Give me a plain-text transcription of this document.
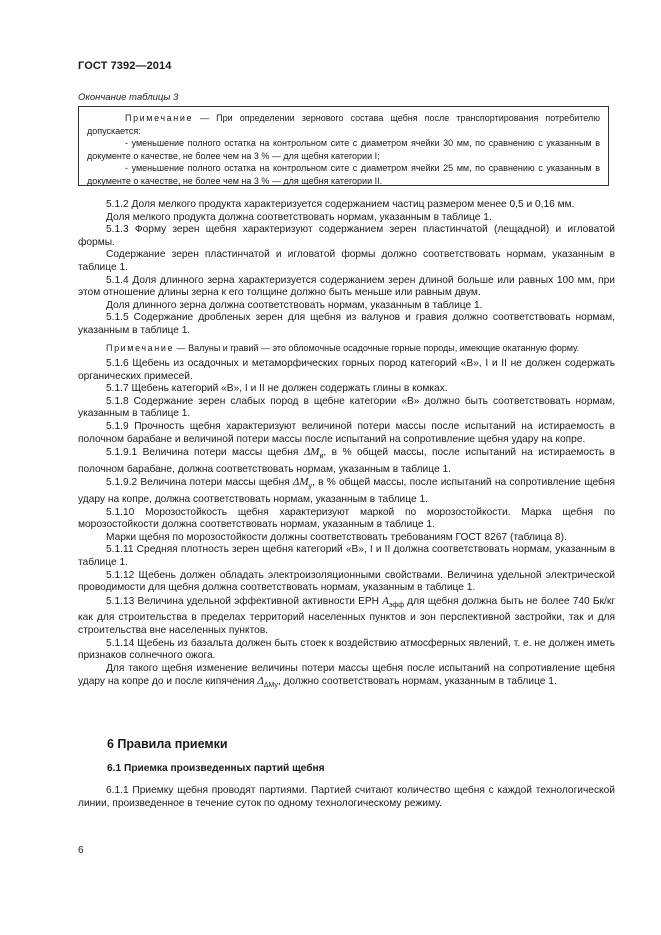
ГОСТ 7392—2014
Окончание таблицы 3

Примечание — При определении зернового состава щебня после транспортирования потребителю допускается:

- уменьшение полного остатка на контрольном сите с диаметром ячейки 30 мм, по сравнению с указанным в документе о качестве, не более чем на 3 % — для щебня категории I;

- уменьшение полного остатка на контрольном сите с диаметром ячейки 25 мм, по сравнению с указанным в документе о качестве, не более чем на 3 % — для щебня категории II.

5.1.2 Доля мелкого продукта характеризуется содержанием частиц размером менее 0,5 и 0,16 мм.

Доля мелкого продукта должна соответствовать нормам, указанным в таблице 1.

5.1.3 Форму зерен щебня характеризуют содержанием зерен пластинчатой (лещадной) и игловатой формы.

Содержание зерен пластинчатой и игловатой формы должно соответствовать нормам, указанным в таблице 1.

5.1.4 Доля длинного зерна характеризуется содержанием зерен длиной больше или равных 100 мм, при этом отношение длины зерна к его толщине должно быть меньше или равным двум.

Доля длинного зерна должна соответствовать нормам, указанным в таблице 1.

5.1.5 Содержание дробленых зерен для щебня из валунов и гравия должно соответствовать нормам, указанным в таблице 1.

Примечание — Валуны и гравий — это обломочные осадочные горные породы, имеющие окатанную форму.

5.1.6 Щебень из осадочных и метаморфических горных пород категорий «В», I и II не должен содержать органических примесей.

5.1.7 Щебень категорий «В», I и II не должен содержать глины в комках.

5.1.8 Содержание зерен слабых пород в щебне категории «В» должно быть соответствовать нормам, указанным в таблице 1.

5.1.9 Прочность щебня характеризуют величиной потери массы после испытаний на истираемость в полочном барабане и величиной потери массы после испытаний на сопротивление щебня удару на копре.

5.1.9.1 Величина потери массы щебня $\Delta M_и$, в % общей массы, после испытаний на истираемость в полочном барабане, должна соответствовать нормам, указанным в таблице 1.

5.1.9.2 Величина потери массы щебня $\Delta M_у$, в % общей массы, после испытаний на сопротивление щебня удару на копре, должна соответствовать нормам, указанным в таблице 1.

5.1.10 Морозостойкость щебня характеризуют маркой по морозостойкости. Марка щебня по морозостойкости должна соответствовать нормам, указанным в таблице 1.

Марки щебня по морозостойкости должны соответствовать требованиям ГОСТ 8267 (таблица 8).

5.1.11 Средняя плотность зерен щебня категорий «В», I и II должна соответствовать нормам, указанным в таблице 1.

5.1.12 Щебень должен обладать электроизоляционными свойствами. Величина удельной электрической проводимости для щебня должна соответствовать нормам, указанным в таблице 1.

5.1.13 Величина удельной эффективной активности ЕРН $A_{эфф}$ для щебня должна быть не более 740 Бк/кг как для строительства в пределах территорий населенных пунктов и зон перспективной застройки, так и для строительства вне населенных пунктов.

5.1.14 Щебень из базальта должен быть стоек к воздействию атмосферных явлений, т. е. не должен иметь признаков солнечного ожога.

Для такого щебня изменение величины потери массы щебня после испытаний на сопротивление щебня удару на копре до и после кипячения $\Delta_{\Delta My}$, должно соответствовать нормам, указанным в таблице 1.

6 Правила приемки
6.1 Приемка произведенных партий щебня

6.1.1 Приемку щебня проводят партиями. Партией считают количество щебня с каждой технологической линии, произведенное в течение суток по одному технологическому режиму.

6
